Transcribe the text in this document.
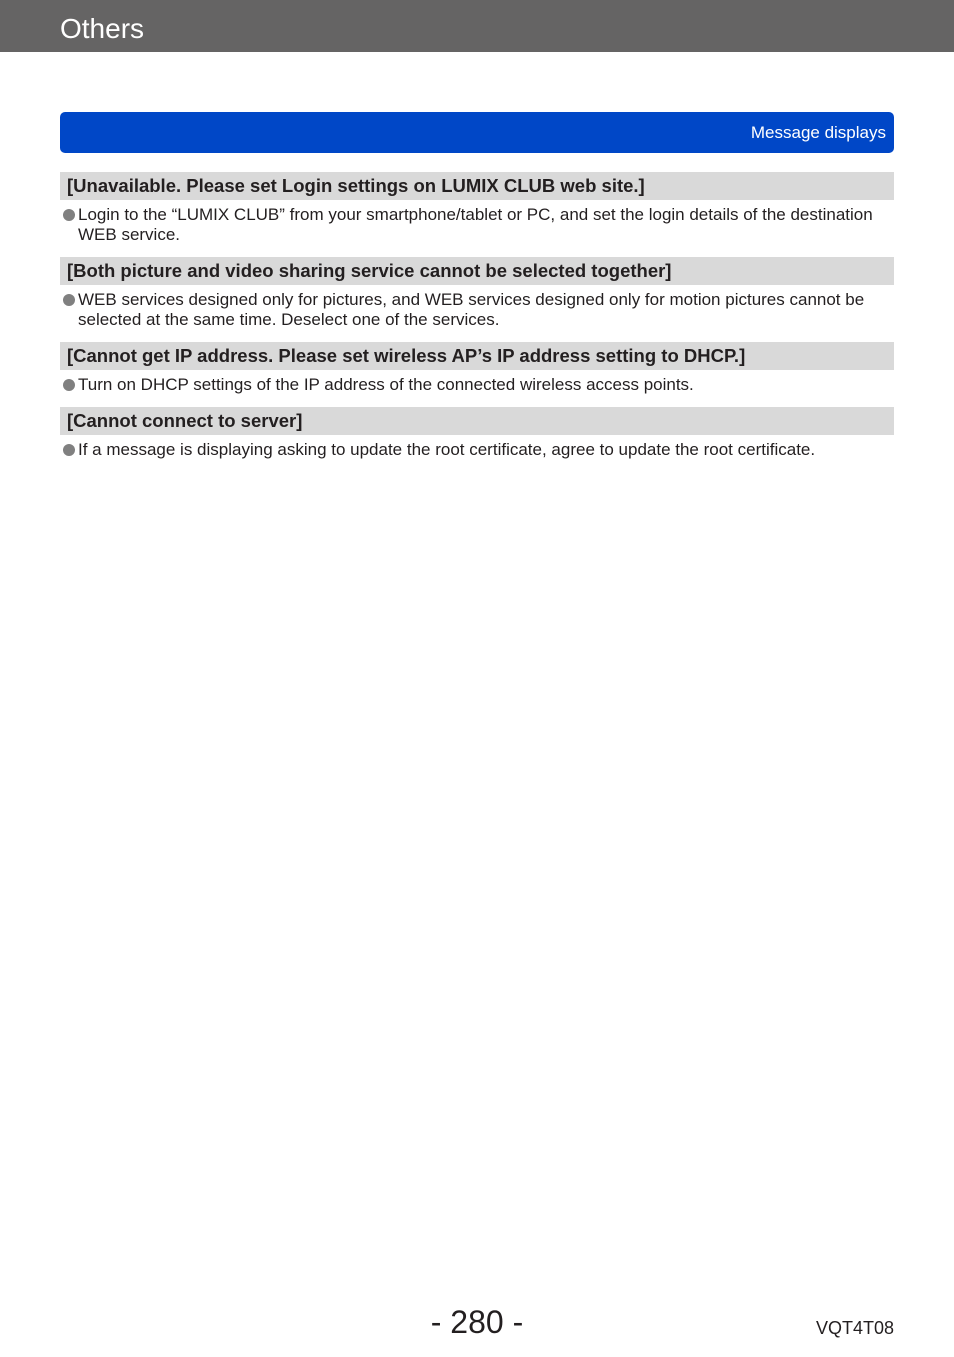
Others
Message displays
[Unavailable. Please set Login settings on LUMIX CLUB web site.]
Login to the “LUMIX CLUB” from your smartphone/tablet or PC, and set the login details of the destination WEB service.
[Both picture and video sharing service cannot be selected together]
WEB services designed only for pictures, and WEB services designed only for motion pictures cannot be selected at the same time. Deselect one of the services.
[Cannot get IP address. Please set wireless AP’s IP address setting to DHCP.]
Turn on DHCP settings of the IP address of the connected wireless access points.
[Cannot connect to server]
If a message is displaying asking to update the root certificate, agree to update the root certificate.
- 280 -	VQT4T08
